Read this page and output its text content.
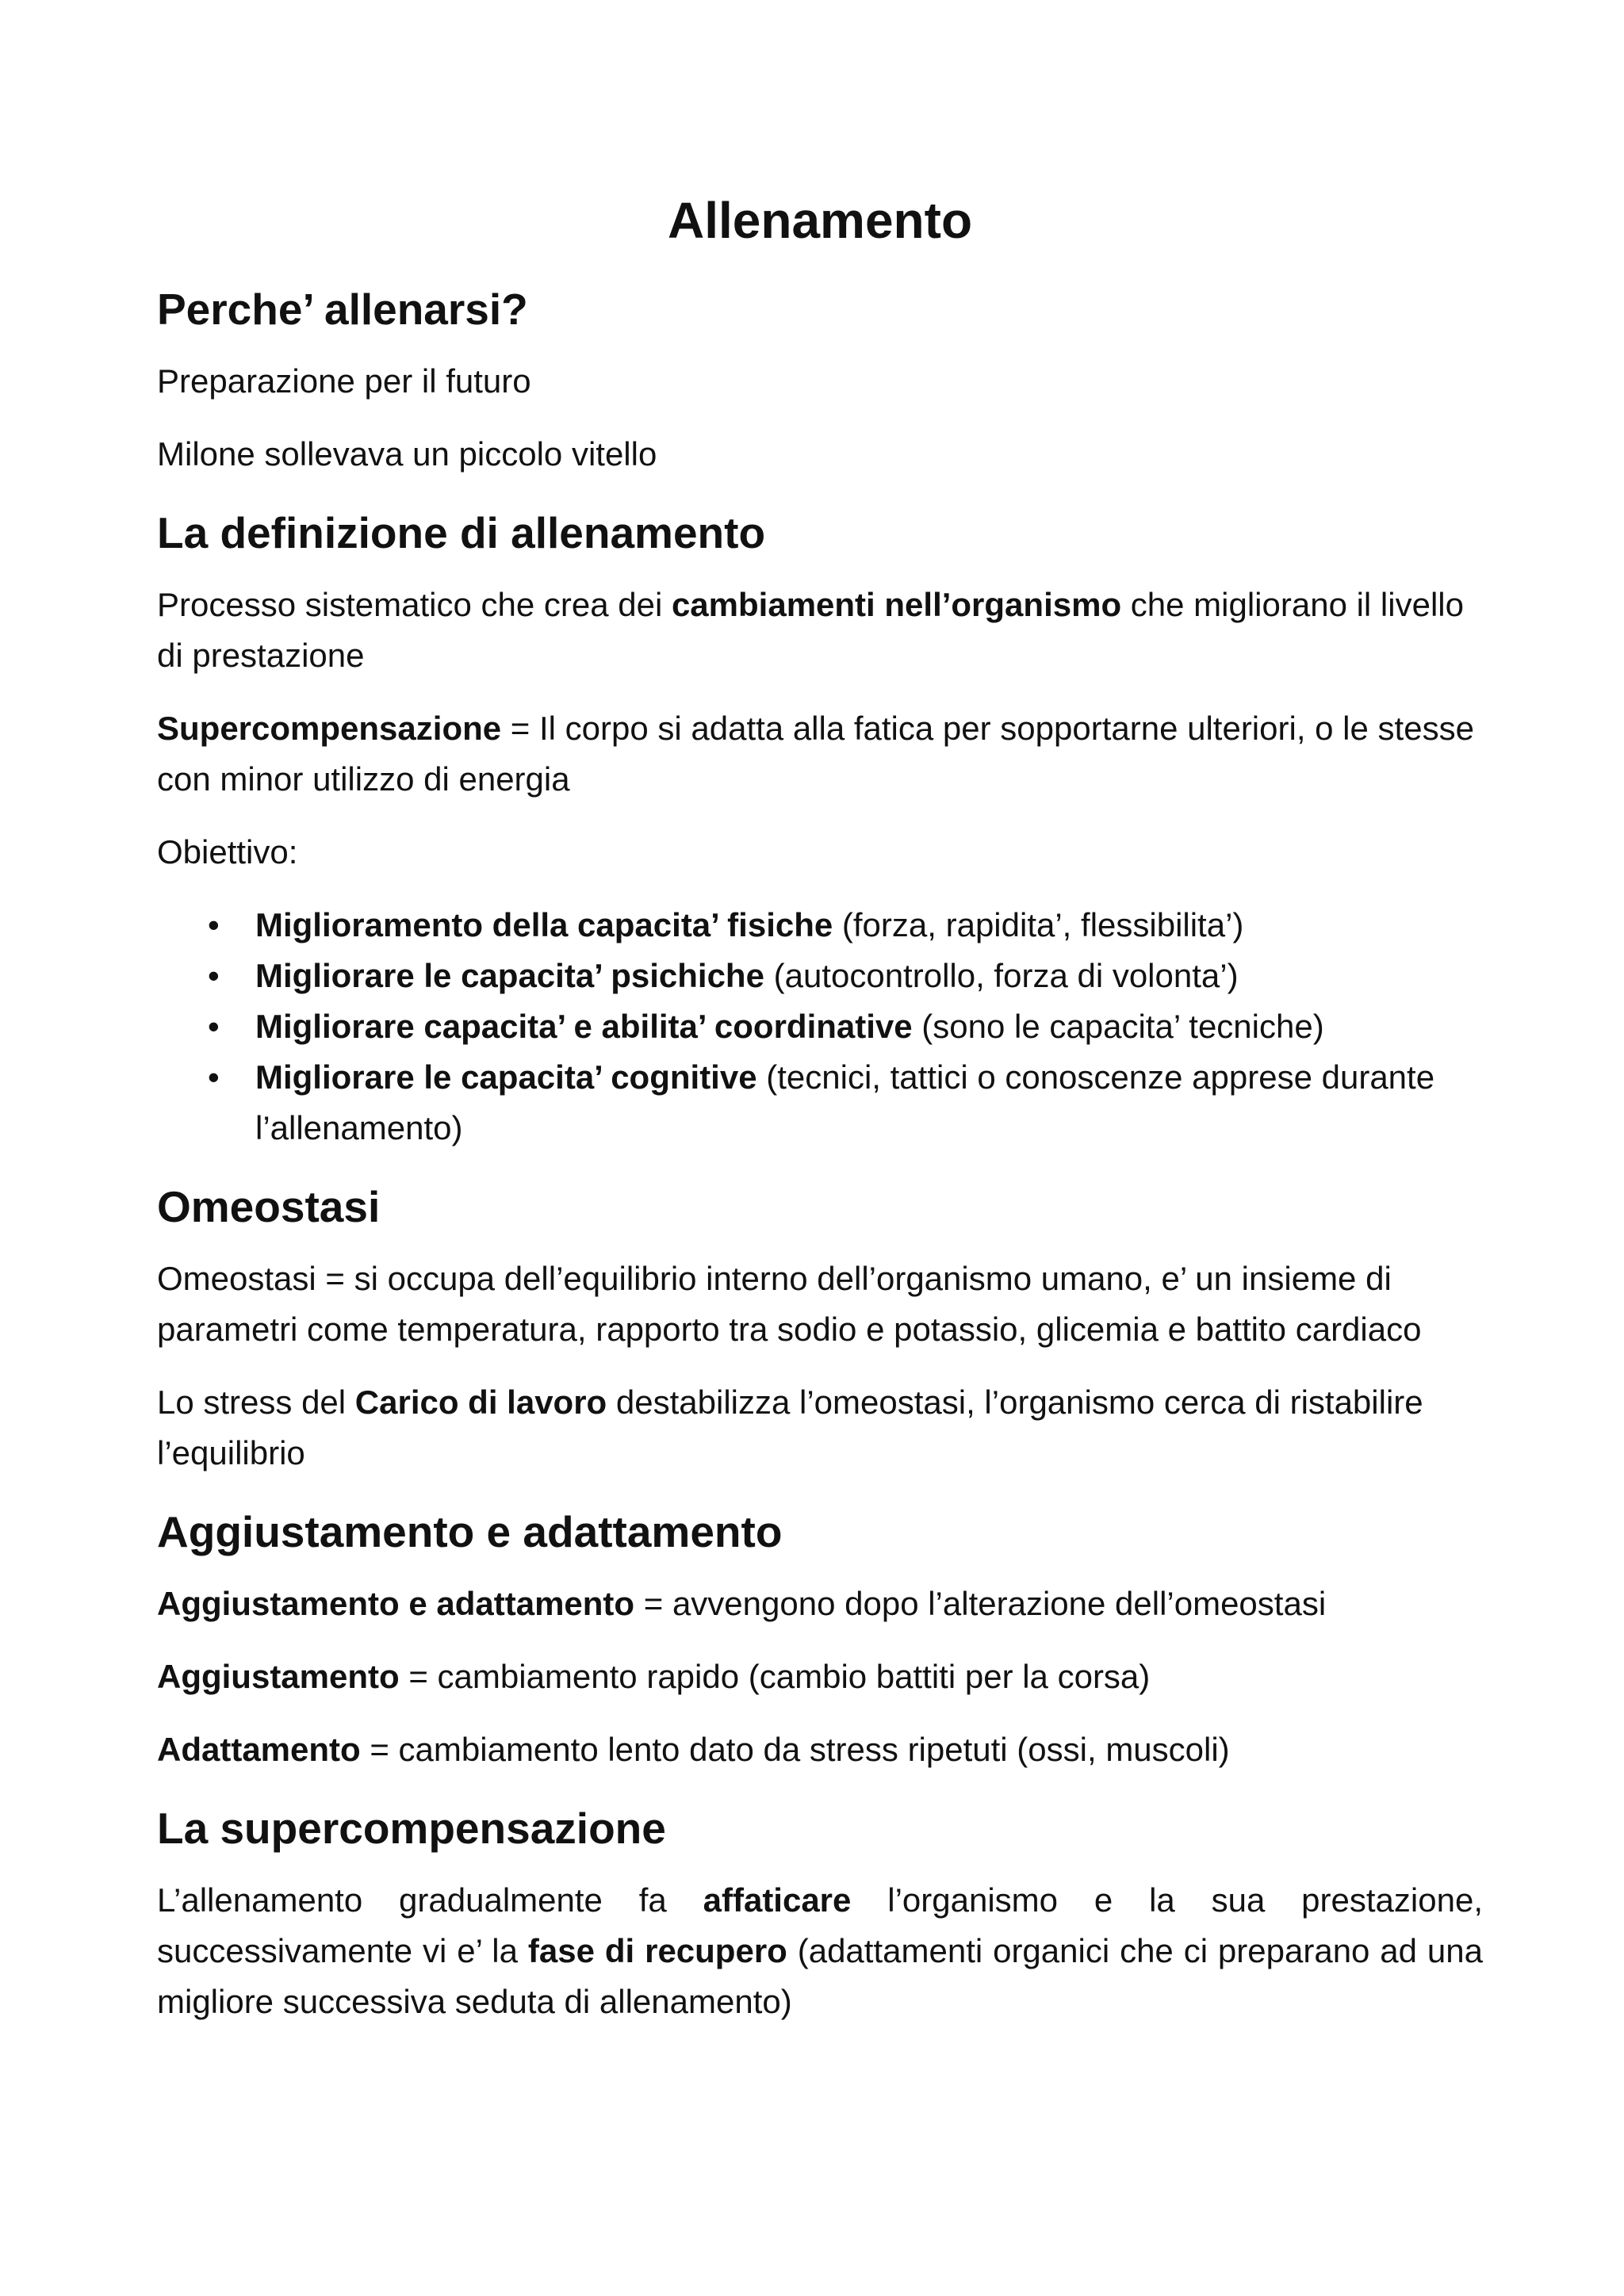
Allenamento
Perche’ allenarsi?

Preparazione per il futuro

Milone sollevava un piccolo vitello

La definizione di allenamento

Processo sistematico che crea dei cambiamenti nell’organismo che migliorano il livello di prestazione

Supercompensazione = Il corpo si adatta alla fatica per sopportarne ulteriori, o le stesse con minor utilizzo di energia

Obiettivo:

• Miglioramento della capacita’ fisiche (forza, rapidita’, flessibilita’)
• Migliorare le capacita’ psichiche (autocontrollo, forza di volonta’)
• Migliorare capacita’ e abilita’ coordinative (sono le capacita’ tecniche)
• Migliorare le capacita’ cognitive (tecnici, tattici o conoscenze apprese durante l’allenamento)
Omeostasi

Omeostasi = si occupa dell’equilibrio interno dell’organismo umano, e’ un insieme di parametri come temperatura, rapporto tra sodio e potassio, glicemia e battito cardiaco

Lo stress del Carico di lavoro destabilizza l’omeostasi, l’organismo cerca di ristabilire l’equilibrio

Aggiustamento e adattamento

Aggiustamento e adattamento = avvengono dopo l’alterazione dell’omeostasi

Aggiustamento = cambiamento rapido (cambio battiti per la corsa)

Adattamento = cambiamento lento dato da stress ripetuti (ossi, muscoli)

La supercompensazione

L’allenamento gradualmente fa affaticare l’organismo e la sua prestazione, successivamente vi e’ la fase di recupero (adattamenti organici che ci preparano ad una migliore successiva seduta di allenamento)
